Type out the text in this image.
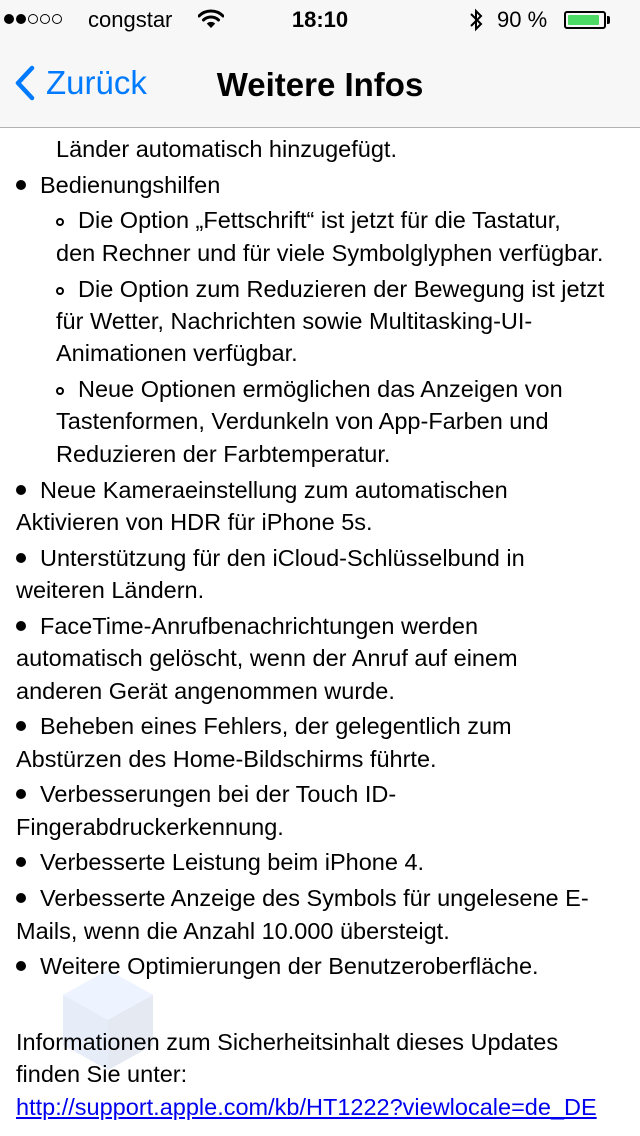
congstar	18:10	90 %
Zurück	Weitere Infos
Länder automatisch hinzugefügt.
Bedienungshilfen
Die Option „Fettschrift“ ist jetzt für die Tastatur,
den Rechner und für viele Symbolglyphen verfügbar.
Die Option zum Reduzieren der Bewegung ist jetzt
für Wetter, Nachrichten sowie Multitasking-UI-
Animationen verfügbar.
Neue Optionen ermöglichen das Anzeigen von
Tastenformen, Verdunkeln von App-Farben und
Reduzieren der Farbtemperatur.
Neue Kameraeinstellung zum automatischen
Aktivieren von HDR für iPhone 5s.
Unterstützung für den iCloud-Schlüsselbund in
weiteren Ländern.
FaceTime-Anrufbenachrichtungen werden
automatisch gelöscht, wenn der Anruf auf einem
anderen Gerät angenommen wurde.
Beheben eines Fehlers, der gelegentlich zum
Abstürzen des Home-Bildschirms führte.
Verbesserungen bei der Touch ID-
Fingerabdruckerkennung.
Verbesserte Leistung beim iPhone 4.
Verbesserte Anzeige des Symbols für ungelesene E-
Mails, wenn die Anzahl 10.000 übersteigt.
Weitere Optimierungen der Benutzeroberfläche.
Informationen zum Sicherheitsinhalt dieses Updates
finden Sie unter:
http://support.apple.com/kb/HT1222?viewlocale=de_DE
